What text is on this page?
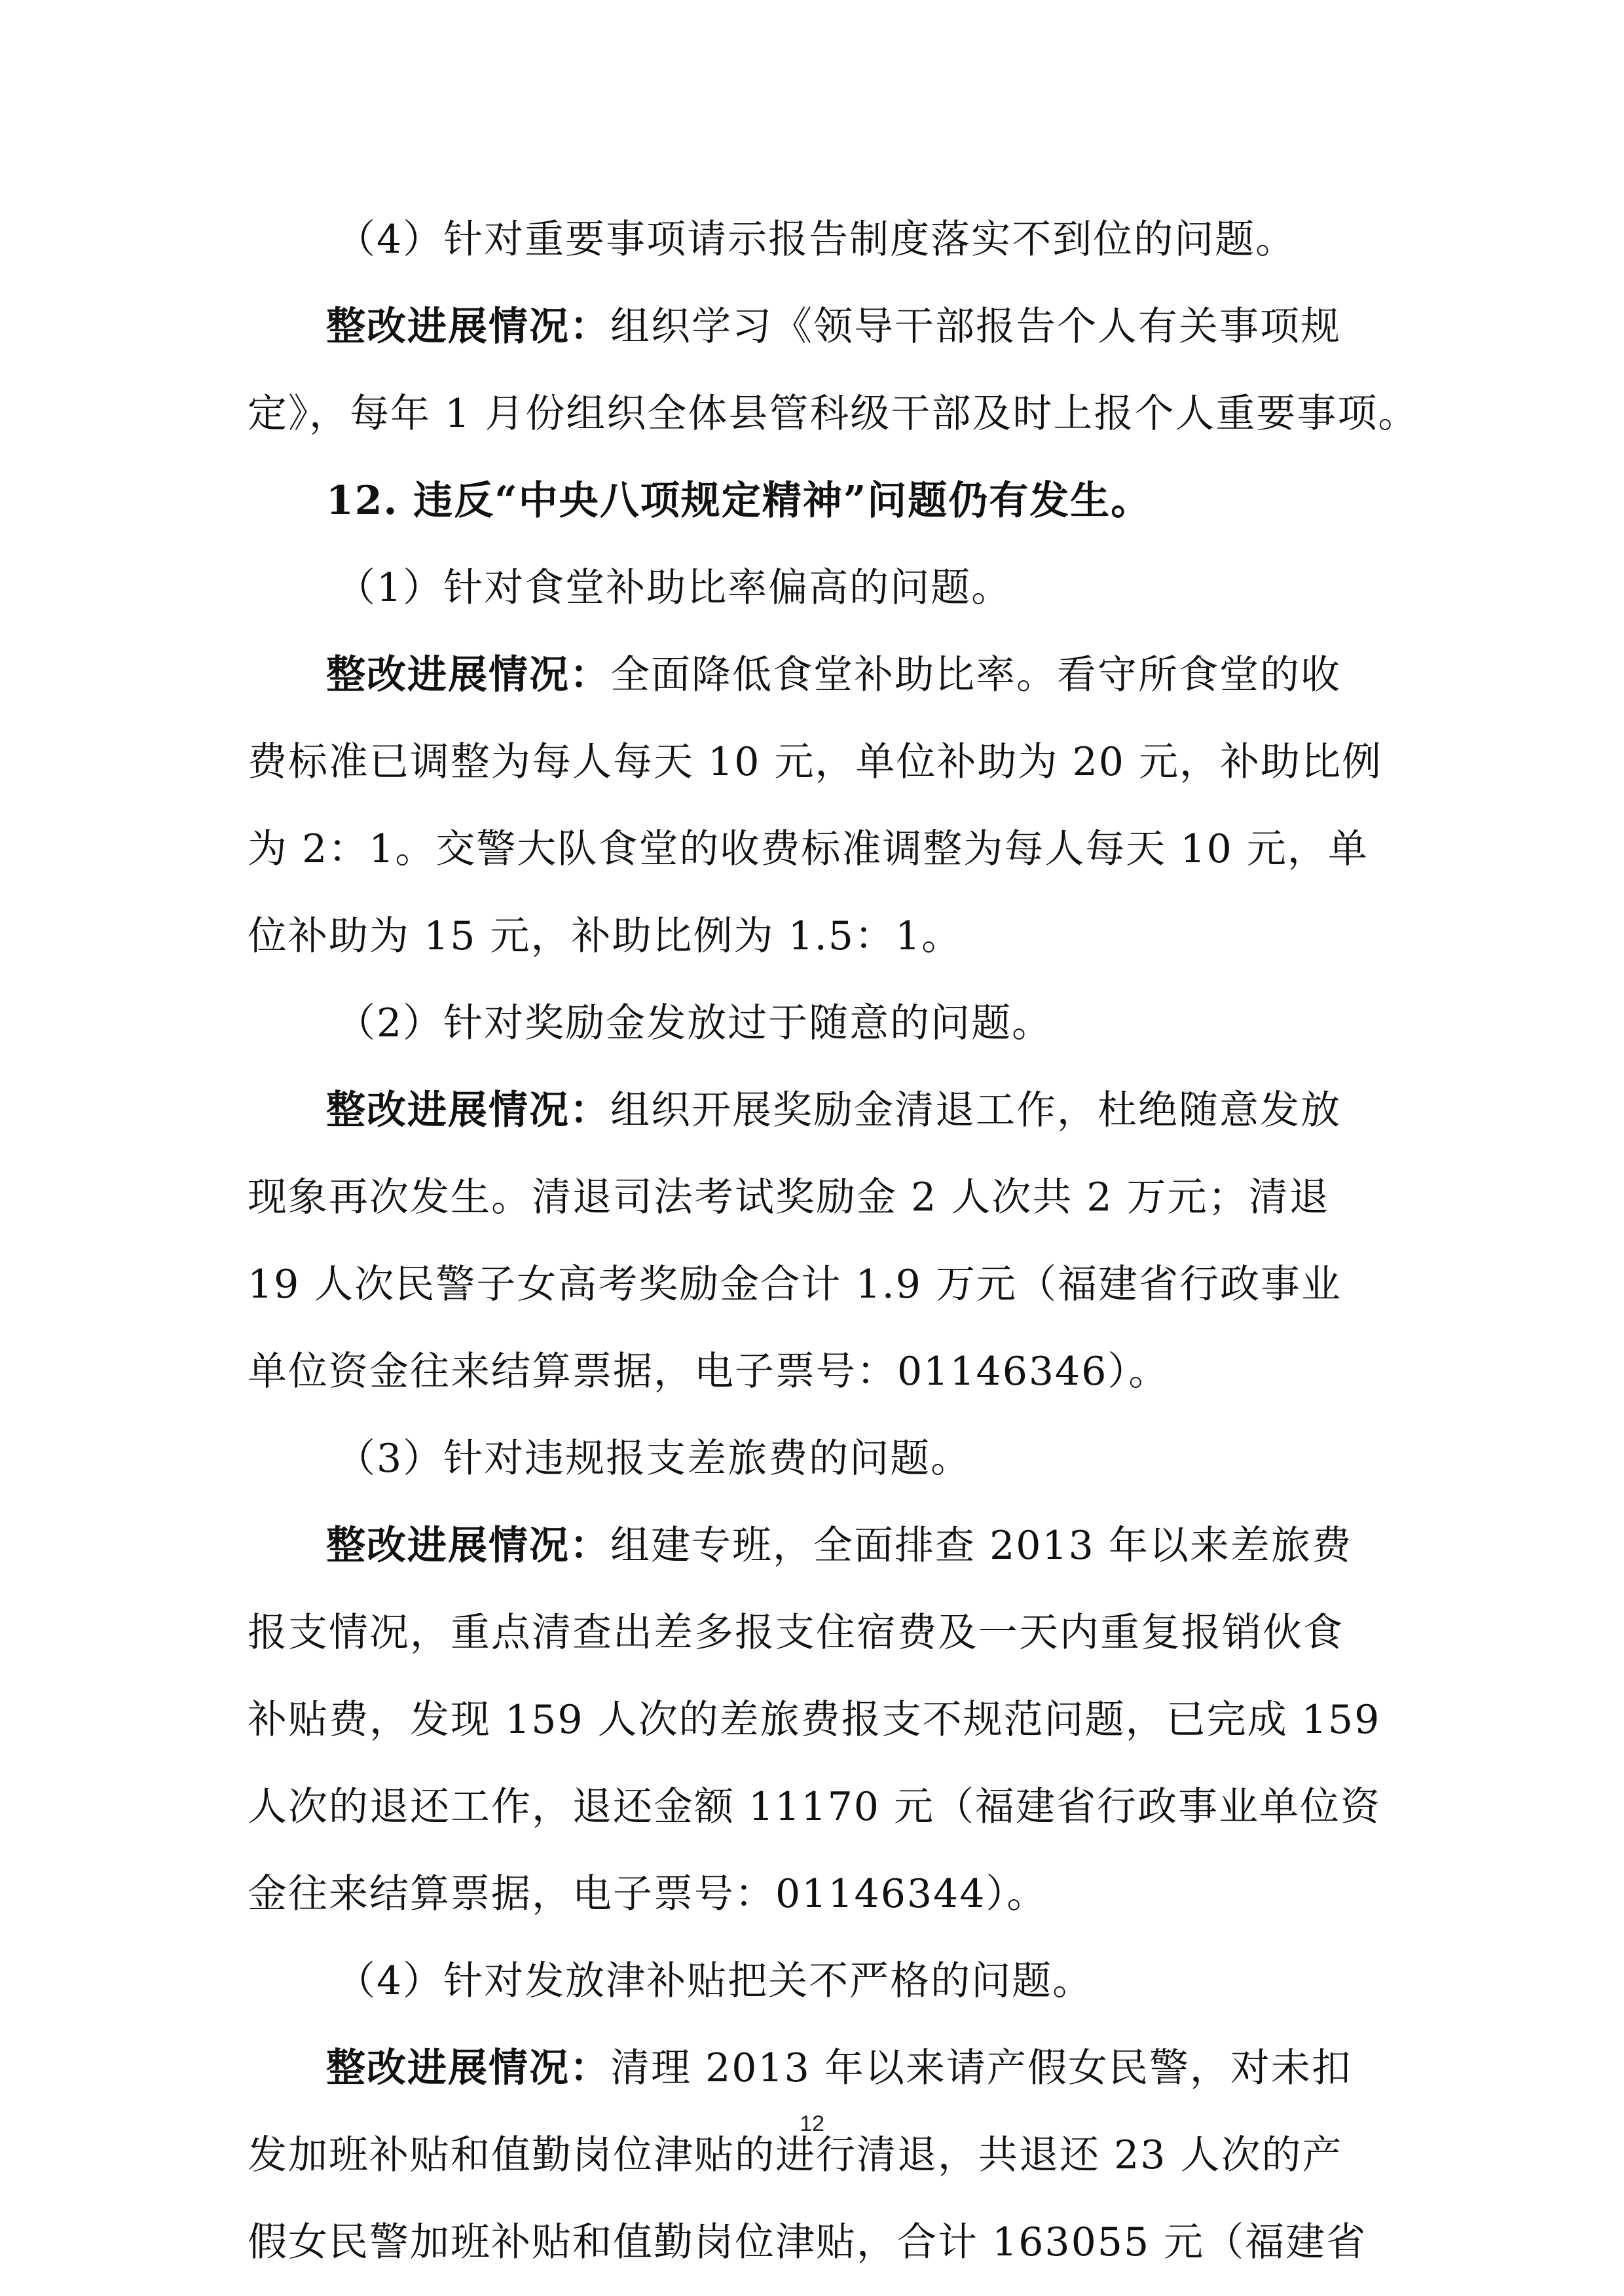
（4）针对重要事项请示报告制度落实不到位的问题。
整改进展情况：组织学习《领导干部报告个人有关事项规
定》，每年 1 月份组织全体县管科级干部及时上报个人重要事项。
12. 违反“中央八项规定精神”问题仍有发生。
（1）针对食堂补助比率偏高的问题。
整改进展情况：全面降低食堂补助比率。看守所食堂的收
费标准已调整为每人每天 10 元，单位补助为 20 元，补助比例
为 2：1。交警大队食堂的收费标准调整为每人每天 10 元，单
位补助为 15 元，补助比例为 1.5：1。
（2）针对奖励金发放过于随意的问题。
整改进展情况：组织开展奖励金清退工作，杜绝随意发放
现象再次发生。清退司法考试奖励金 2 人次共 2 万元；清退
19 人次民警子女高考奖励金合计 1.9 万元（福建省行政事业
单位资金往来结算票据，电子票号：01146346）。
（3）针对违规报支差旅费的问题。
整改进展情况：组建专班，全面排查 2013 年以来差旅费
报支情况，重点清查出差多报支住宿费及一天内重复报销伙食
补贴费，发现 159 人次的差旅费报支不规范问题，已完成 159
人次的退还工作，退还金额 11170 元（福建省行政事业单位资
金往来结算票据，电子票号：01146344）。
（4）针对发放津补贴把关不严格的问题。
整改进展情况：清理 2013 年以来请产假女民警，对未扣
发加班补贴和值勤岗位津贴的进行清退，共退还 23 人次的产
假女民警加班补贴和值勤岗位津贴，合计 163055 元（福建省
12
